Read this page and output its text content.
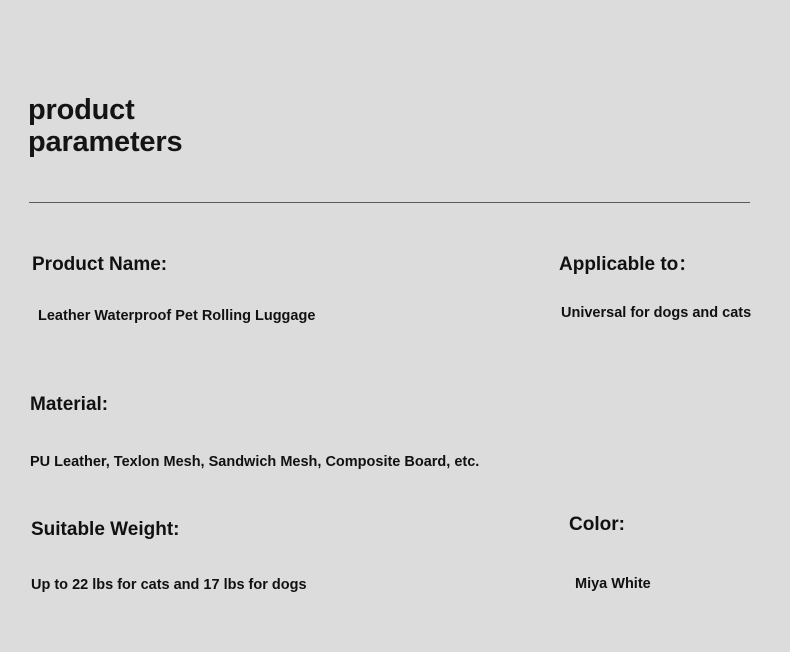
product
parameters

Product Name:

Leather Waterproof Pet Rolling Luggage

Applicable to：

Universal for dogs and cats

Material:

PU Leather, Texlon Mesh, Sandwich Mesh, Composite Board, etc.

Suitable Weight:

Up to 22 lbs for cats and 17 lbs for dogs

Color:

Miya White
